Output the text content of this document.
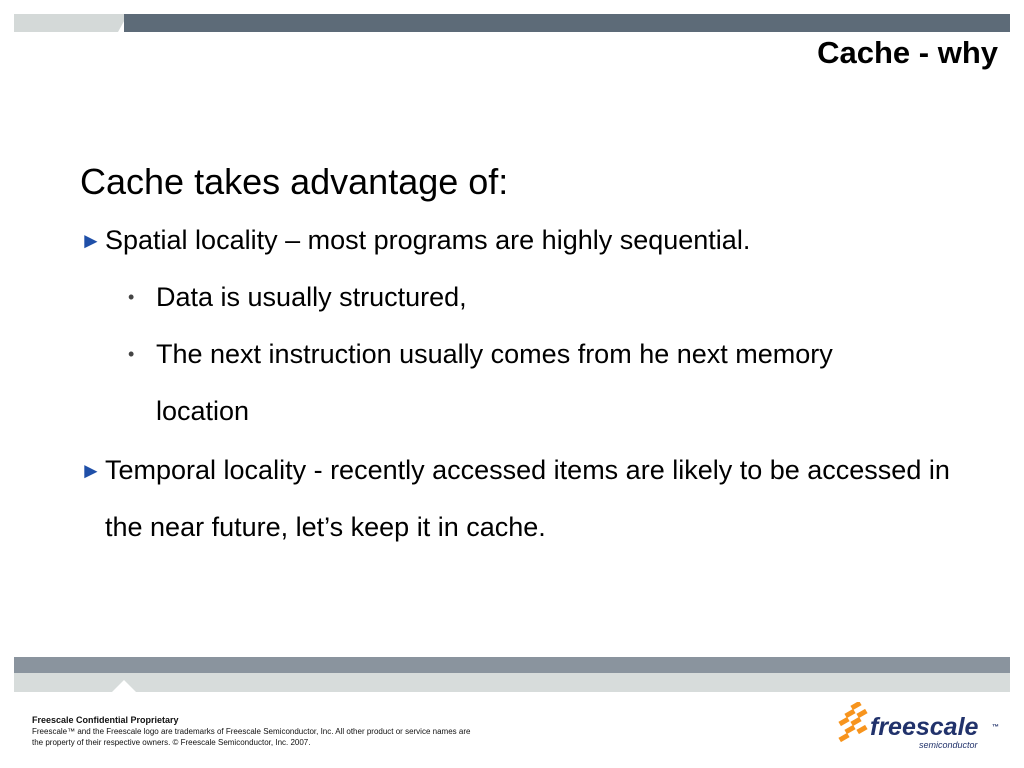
Cache - why
Cache takes advantage of:
► Spatial locality – most programs are highly sequential.
• Data is usually structured,
• The next instruction usually comes from he next memory location
► Temporal locality - recently accessed items are likely to be accessed in the near future, let’s keep it in cache.
Freescale Confidential Proprietary
Freescale™ and the Freescale logo are trademarks of Freescale Semiconductor, Inc. All other product or service names are
the property of their respective owners. © Freescale Semiconductor, Inc. 2007.
freescale ™
semiconductor
